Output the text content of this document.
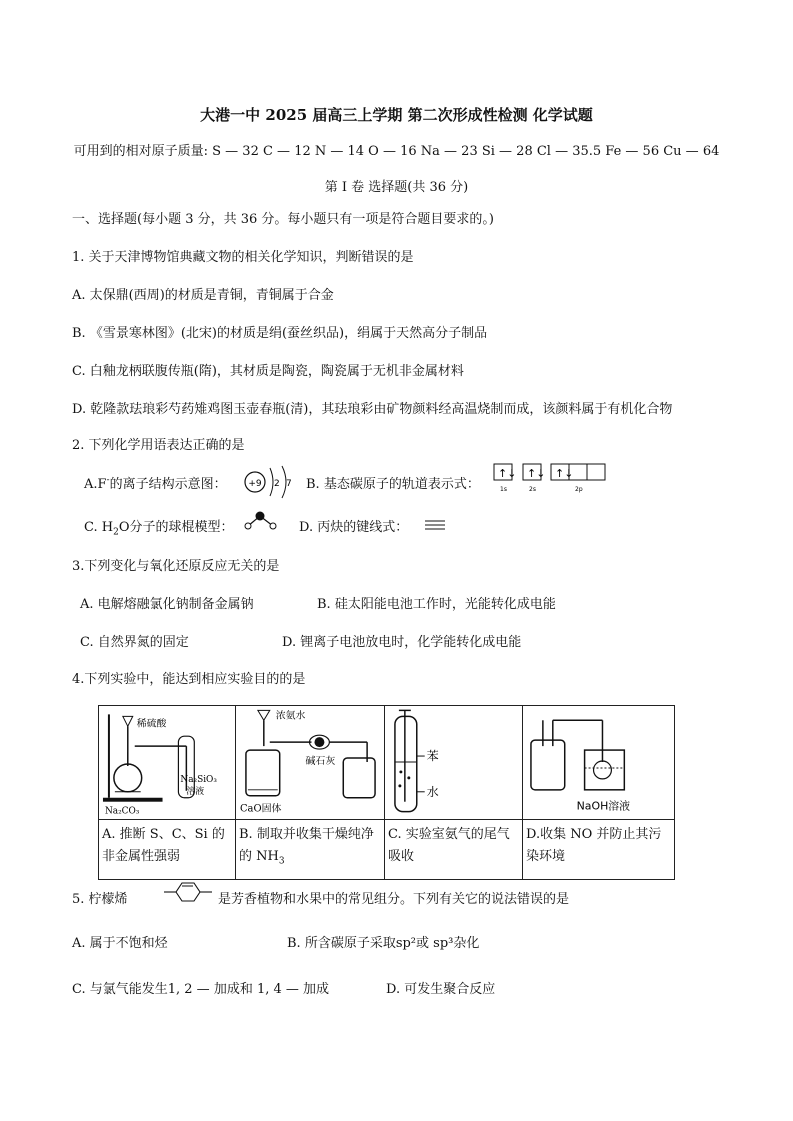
大港一中 2025 届高三上学期 第二次形成性检测 化学试题
可用到的相对原子质量: S — 32 C — 12 N — 14 O — 16 Na — 23 Si — 28 Cl — 35.5 Fe — 56 Cu — 64
第 I 卷 选择题(共 36 分)
一、选择题(每小题 3 分，共 36 分。每小题只有一项是符合题目要求的。)
1. 关于天津博物馆典藏文物的相关化学知识，判断错误的是
A. 太保鼎(西周)的材质是青铜，青铜属于合金
B. 《雪景寒林图》(北宋)的材质是绢(蚕丝织品)，绢属于天然高分子制品
C. 白釉龙柄联腹传瓶(隋)，其材质是陶瓷，陶瓷属于无机非金属材料
D. 乾隆款珐琅彩芍药雉鸡图玉壶春瓶(清)，其珐琅彩由矿物颜料经高温烧制而成，该颜料属于有机化合物
2. 下列化学用语表达正确的是
A.F-的离子结构示意图： +9 2 7 B. 基态碳原子的轨道表示式：
↑↓
1s
↑↓
2s
↑↓
2p
C. $H_2O$分子的球棍模型：	D. 丙炔的键线式：
3.下列变化与氧化还原反应无关的是
A. 电解熔融氯化钠制备金属钠	B. 硅太阳能电池工作时，光能转化成电能
C. 自然界氮的固定	D. 锂离子电池放电时，化学能转化成电能
4.下列实验中，能达到相应实验目的的是
稀硫酸
Na₂SiO₃
溶液
Na₂CO₃	浓氨水
碱石灰
CaO固体	苯
水	NaOH溶液

A. 推断 S、C、Si 的非金属性强弱	B. 制取并收集干燥纯净的 $NH_3$	C. 实验室氨气的尾气吸收	D.收集 NO 并防止其污染环境
5. 柠檬烯	是芳香植物和水果中的常见组分。下列有关它的说法错误的是
A. 属于不饱和烃	B. 所含碳原子采取sp²或 sp³杂化
C. 与氯气能发生1, 2 — 加成和 1, 4 — 加成	D. 可发生聚合反应
